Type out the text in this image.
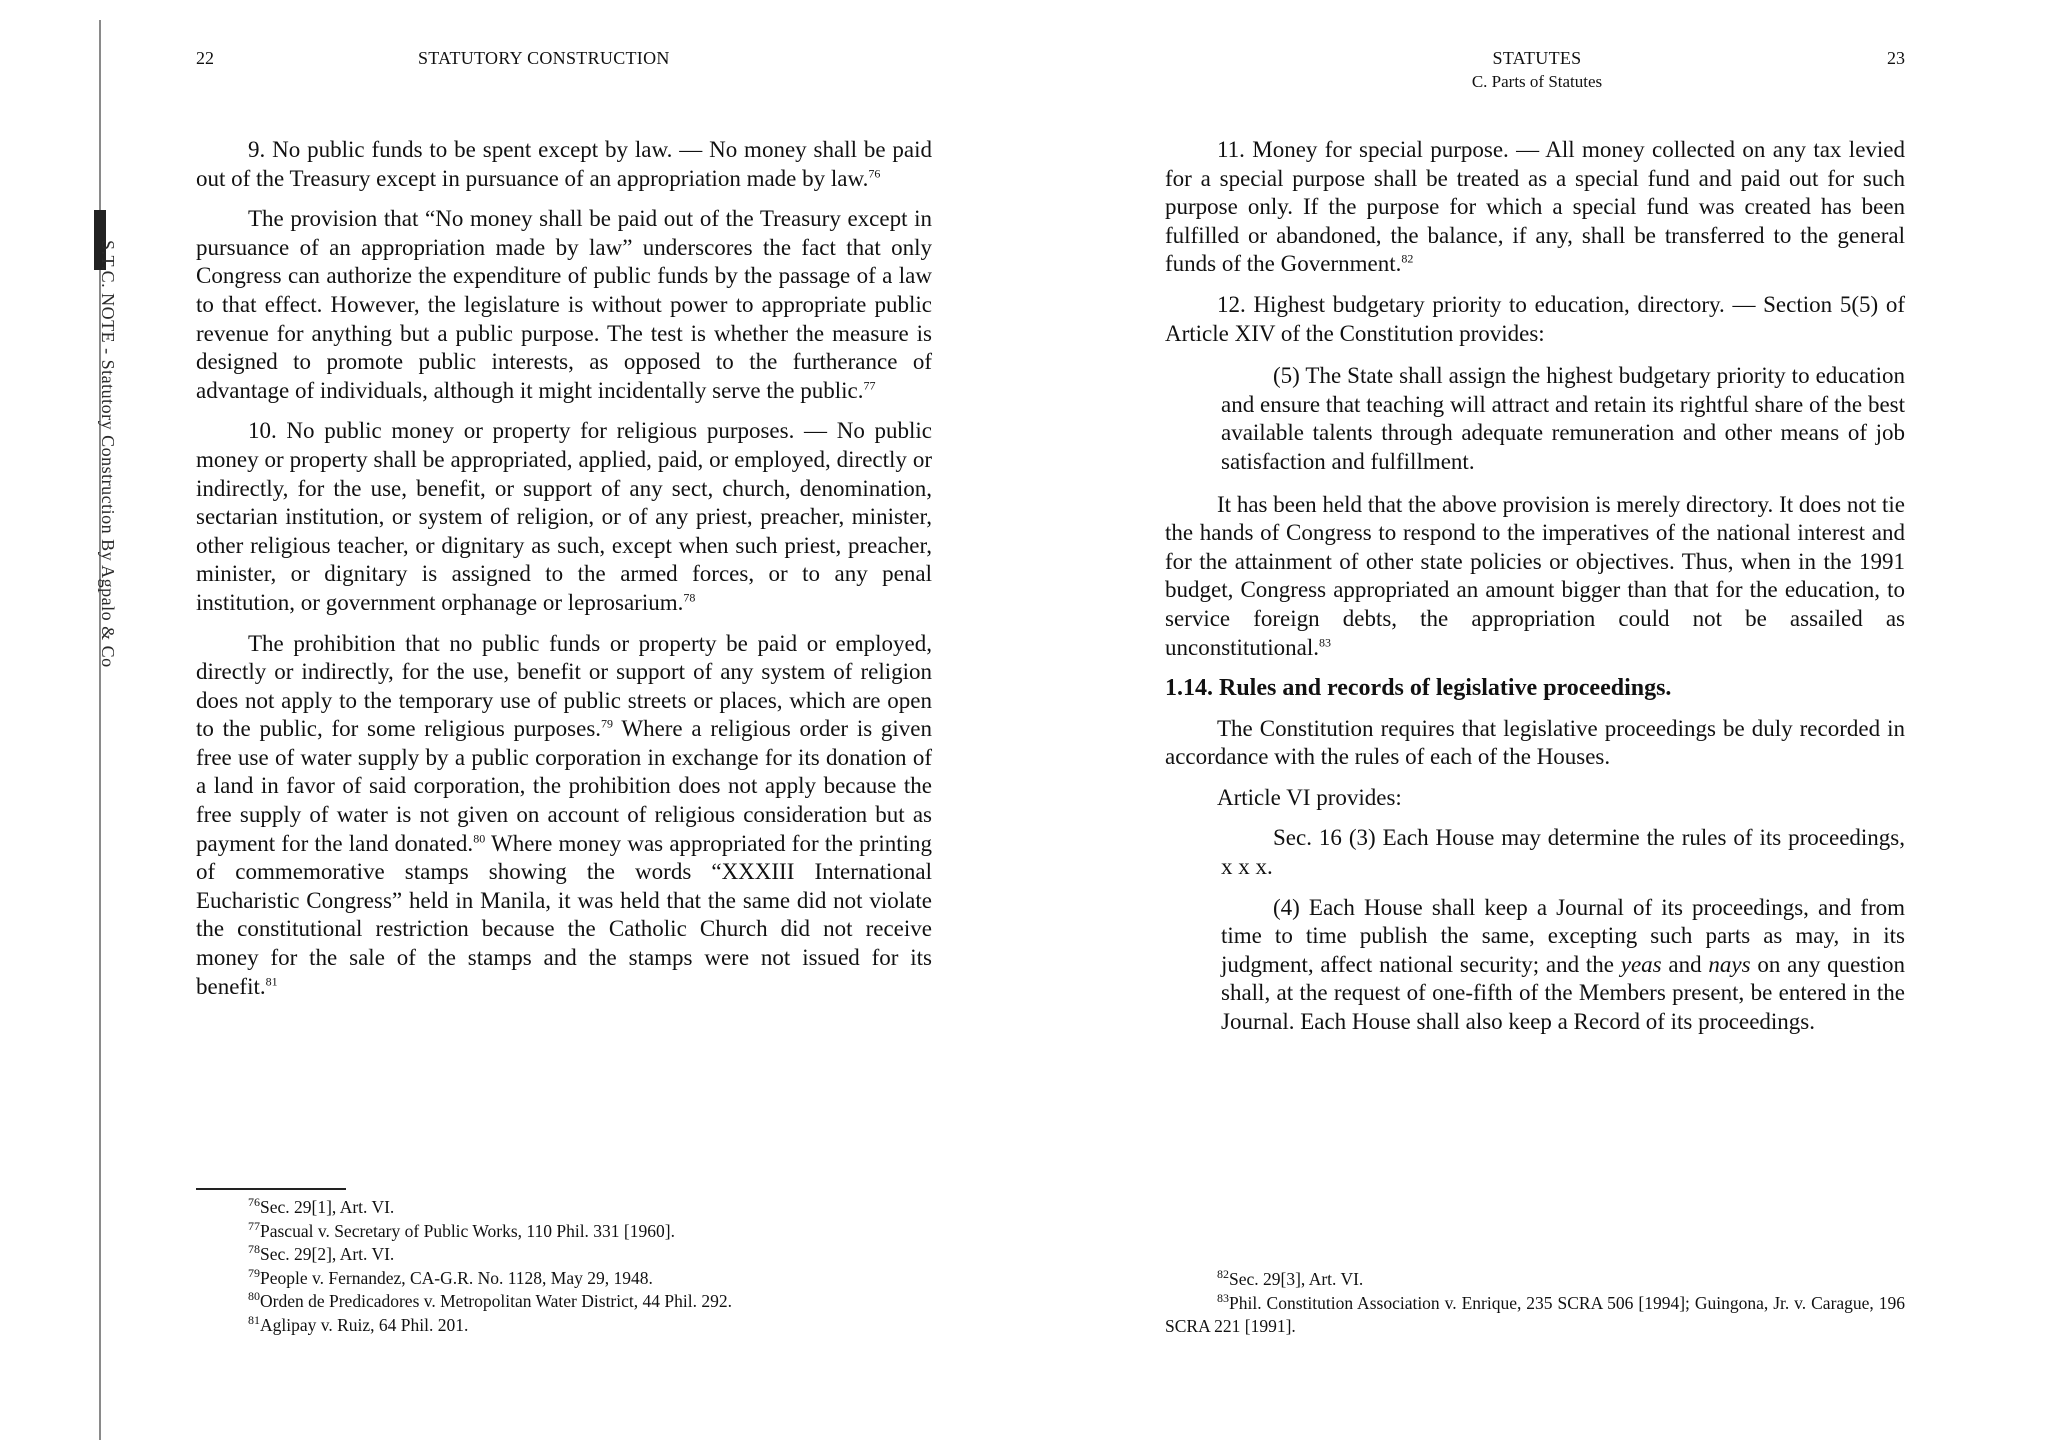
S.T.C. NOTE - Statutory Construction By Agpalo & Co
22	STATUTORY CONSTRUCTION

9. No public funds to be spent except by law. — No money shall be paid out of the Treasury except in pursuance of an appropriation made by law.$^{76}$

The provision that “No money shall be paid out of the Treasury except in pursuance of an appropriation made by law” underscores the fact that only Congress can authorize the expenditure of public funds by the passage of a law to that effect. However, the legislature is without power to appropriate public revenue for anything but a public purpose. The test is whether the measure is designed to promote public interests, as opposed to the furtherance of advantage of individuals, although it might incidentally serve the public.$^{77}$

10. No public money or property for religious purposes. — No public money or property shall be appropriated, applied, paid, or employed, directly or indirectly, for the use, benefit, or support of any sect, church, denomination, sectarian institution, or system of religion, or of any priest, preacher, minister, other religious teacher, or dignitary as such, except when such priest, preacher, minister, or dignitary is assigned to the armed forces, or to any penal institution, or government orphanage or leprosarium.$^{78}$

The prohibition that no public funds or property be paid or employed, directly or indirectly, for the use, benefit or support of any system of religion does not apply to the temporary use of public streets or places, which are open to the public, for some religious purposes.$^{79}$ Where a religious order is given free use of water supply by a public corporation in exchange for its donation of a land in favor of said corporation, the prohibition does not apply because the free supply of water is not given on account of religious consideration but as payment for the land donated.$^{80}$ Where money was appropriated for the printing of commemorative stamps showing the words “XXXIII International Eucharistic Congress” held in Manila, it was held that the same did not violate the constitutional restriction because the Catholic Church did not receive money for the sale of the stamps and the stamps were not issued for its benefit.$^{81}$

$^{76}$Sec. 29[1], Art. VI.
$^{77}$Pascual v. Secretary of Public Works, 110 Phil. 331 [1960].
$^{78}$Sec. 29[2], Art. VI.
$^{79}$People v. Fernandez, CA-G.R. No. 1128, May 29, 1948.
$^{80}$Orden de Predicadores v. Metropolitan Water District, 44 Phil. 292.
$^{81}$Aglipay v. Ruiz, 64 Phil. 201.
STATUTES
C. Parts of Statutes
23

11. Money for special purpose. — All money collected on any tax levied for a special purpose shall be treated as a special fund and paid out for such purpose only. If the purpose for which a special fund was created has been fulfilled or abandoned, the balance, if any, shall be transferred to the general funds of the Government.$^{82}$

12. Highest budgetary priority to education, directory. — Section 5(5) of Article XIV of the Constitution provides:

(5) The State shall assign the highest budgetary priority to education and ensure that teaching will attract and retain its rightful share of the best available talents through adequate remuneration and other means of job satisfaction and fulfillment.

It has been held that the above provision is merely directory. It does not tie the hands of Congress to respond to the imperatives of the national interest and for the attainment of other state policies or objectives. Thus, when in the 1991 budget, Congress appropriated an amount bigger than that for the education, to service foreign debts, the appropriation could not be assailed as unconstitutional.$^{83}$

1.14. Rules and records of legislative proceedings.

The Constitution requires that legislative proceedings be duly recorded in accordance with the rules of each of the Houses.

Article VI provides:

Sec. 16 (3) Each House may determine the rules of its proceedings, x x x.

(4) Each House shall keep a Journal of its proceedings, and from time to time publish the same, excepting such parts as may, in its judgment, affect national security; and the yeas and nays on any question shall, at the request of one-fifth of the Members present, be entered in the Journal. Each House shall also keep a Record of its proceedings.

$^{82}$Sec. 29[3], Art. VI.
$^{83}$Phil. Constitution Association v. Enrique, 235 SCRA 506 [1994]; Guingona, Jr. v. Carague, 196 SCRA 221 [1991].
